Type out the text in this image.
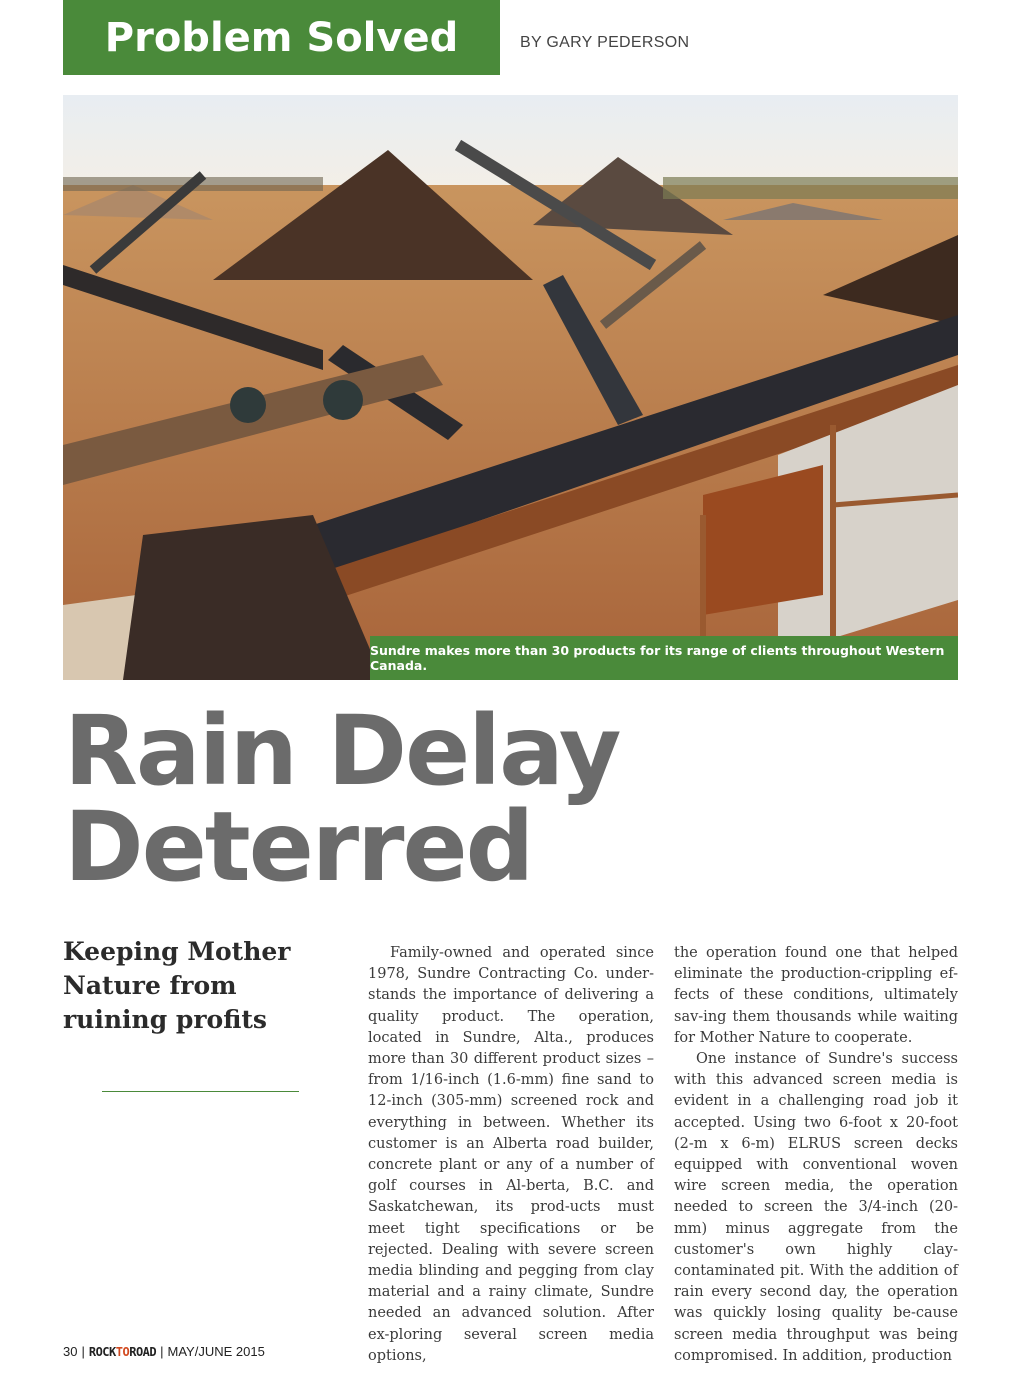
Problem Solved	BY GARY PEDERSON
Sundre makes more than 30 products for its range of clients throughout Western Canada.
Rain Delay
Deterred
Keeping Mother Nature from ruining profits

Family-owned and operated since 1978, Sundre Contracting Co. under-stands the importance of delivering a quality product. The operation, located in Sundre, Alta., produces more than 30 different product sizes – from 1/16-inch (1.6-mm) fine sand to 12-inch (305-mm) screened rock and everything in between. Whether its customer is an Alberta road builder, concrete plant or any of a number of golf courses in Al-berta, B.C. and Saskatchewan, its prod-ucts must meet tight specifications or be rejected. Dealing with severe screen media blinding and pegging from clay material and a rainy climate, Sundre needed an advanced solution. After ex-ploring several screen media options,

the operation found one that helped eliminate the production-crippling ef-fects of these conditions, ultimately sav-ing them thousands while waiting for Mother Nature to cooperate.

One instance of Sundre's success with this advanced screen media is evident in a challenging road job it accepted. Using two 6-foot x 20-foot (2-m x 6-m) ELRUS screen decks equipped with conventional woven wire screen media, the operation needed to screen the 3/4-inch (20-mm) minus aggregate from the customer's own highly clay-contaminated pit. With the addition of rain every second day, the operation was quickly losing quality be-cause screen media throughput was being compromised. In addition, production

30 | ROCKTOROAD | MAY/JUNE 2015
